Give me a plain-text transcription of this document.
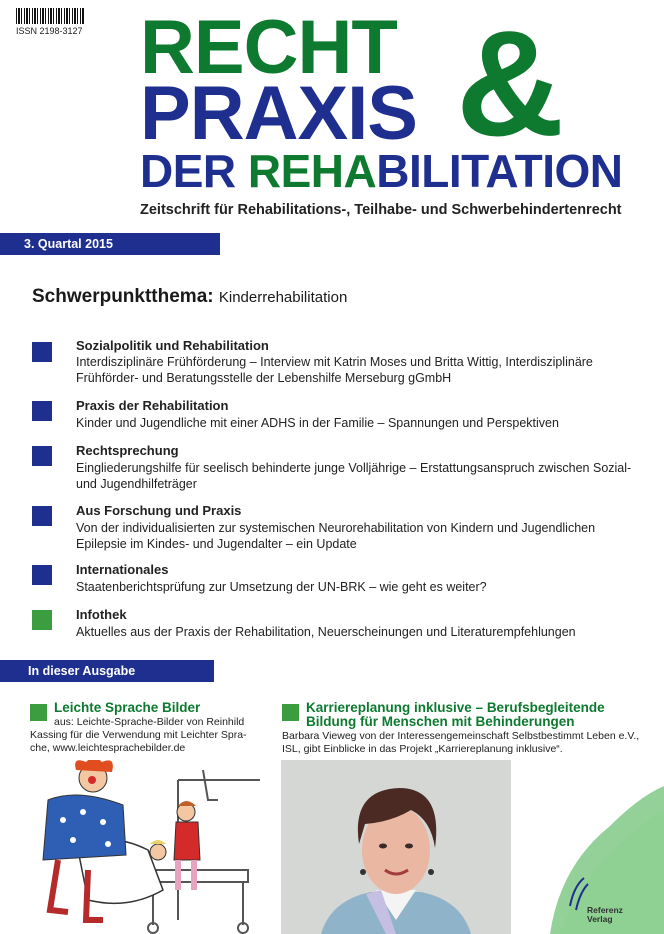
ISSN 2198-3127 RECHT
PRAXIS &
DER REHABILITATION
Zeitschrift für Rehabilitations-, Teilhabe- und Schwerbehindertenrecht
3. Quartal 2015
Schwerpunktthema: Kinderrehabilitation
Sozialpolitik und Rehabilitation
Interdisziplinäre Frühförderung – Interview mit Katrin Moses und Britta Wittig, Interdisziplinäre Frühförder- und Beratungsstelle der Lebenshilfe Merseburg gGmbH
Praxis der Rehabilitation
Kinder und Jugendliche mit einer ADHS in der Familie – Spannungen und Perspektiven
Rechtsprechung
Eingliederungshilfe für seelisch behinderte junge Volljährige – Erstattungsanspruch zwischen Sozial- und Jugendhilfeträger
Aus Forschung und Praxis
Von der individualisierten zur systemischen Neurorehabilitation von Kindern und Jugendlichen Epilepsie im Kindes- und Jugendalter – ein Update
Internationales
Staatenberichtsprüfung zur Umsetzung der UN-BRK – wie geht es weiter?
Infothek
Aktuelles aus der Praxis der Rehabilitation, Neuerscheinungen und Literaturempfehlungen
In dieser Ausgabe
Leichte Sprache Bilder
aus: Leichte-Sprache-Bilder von Reinhild
Kassing für die Verwendung mit Leichter Spra-
che, www.leichtesprachebilder.de
Karriereplanung inklusive – Berufsbegleitende
Bildung für Menschen mit Behinderungen
Barbara Vieweg von der Interessengemeinschaft Selbstbestimmt Leben e.V.,
ISL, gibt Einblicke in das Projekt „Karriereplanung inklusive“.
Referenz
Verlag
